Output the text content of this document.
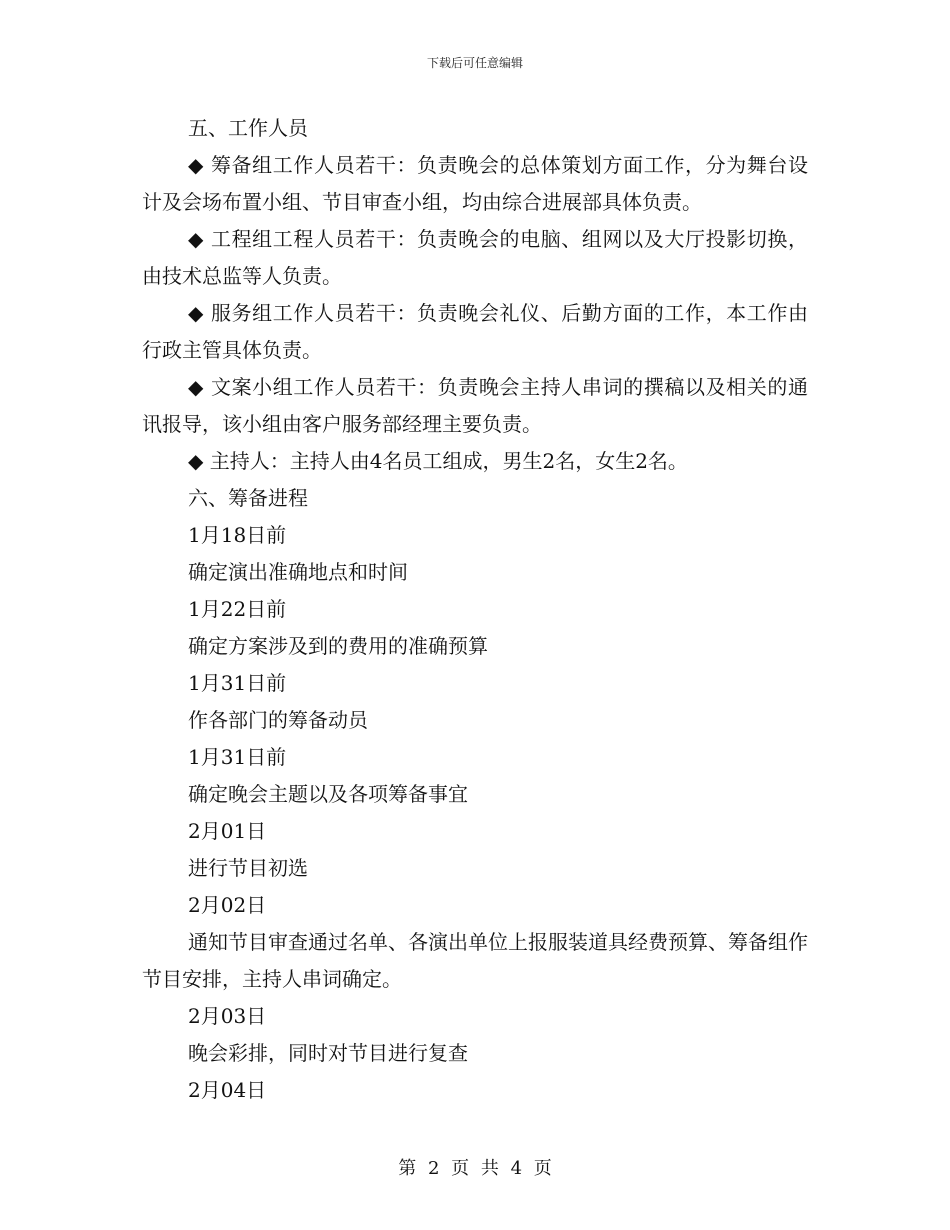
下载后可任意编辑

五、工作人员

◆ 筹备组工作人员若干：负责晚会的总体策划方面工作，分为舞台设计及会场布置小组、节目审查小组，均由综合进展部具体负责。

◆ 工程组工程人员若干：负责晚会的电脑、组网以及大厅投影切换，由技术总监等人负责。

◆ 服务组工作人员若干：负责晚会礼仪、后勤方面的工作，本工作由行政主管具体负责。

◆ 文案小组工作人员若干：负责晚会主持人串词的撰稿以及相关的通讯报导，该小组由客户服务部经理主要负责。

◆ 主持人：主持人由4名员工组成，男生2名，女生2名。

六、筹备进程

1月18日前

确定演出准确地点和时间

1月22日前

确定方案涉及到的费用的准确预算

1月31日前

作各部门的筹备动员

1月31日前

确定晚会主题以及各项筹备事宜

2月01日

进行节目初选

2月02日

通知节目审查通过名单、各演出单位上报服装道具经费预算、筹备组作节目安排，主持人串词确定。

2月03日

晚会彩排，同时对节目进行复查

2月04日

第 2 页 共 4 页
